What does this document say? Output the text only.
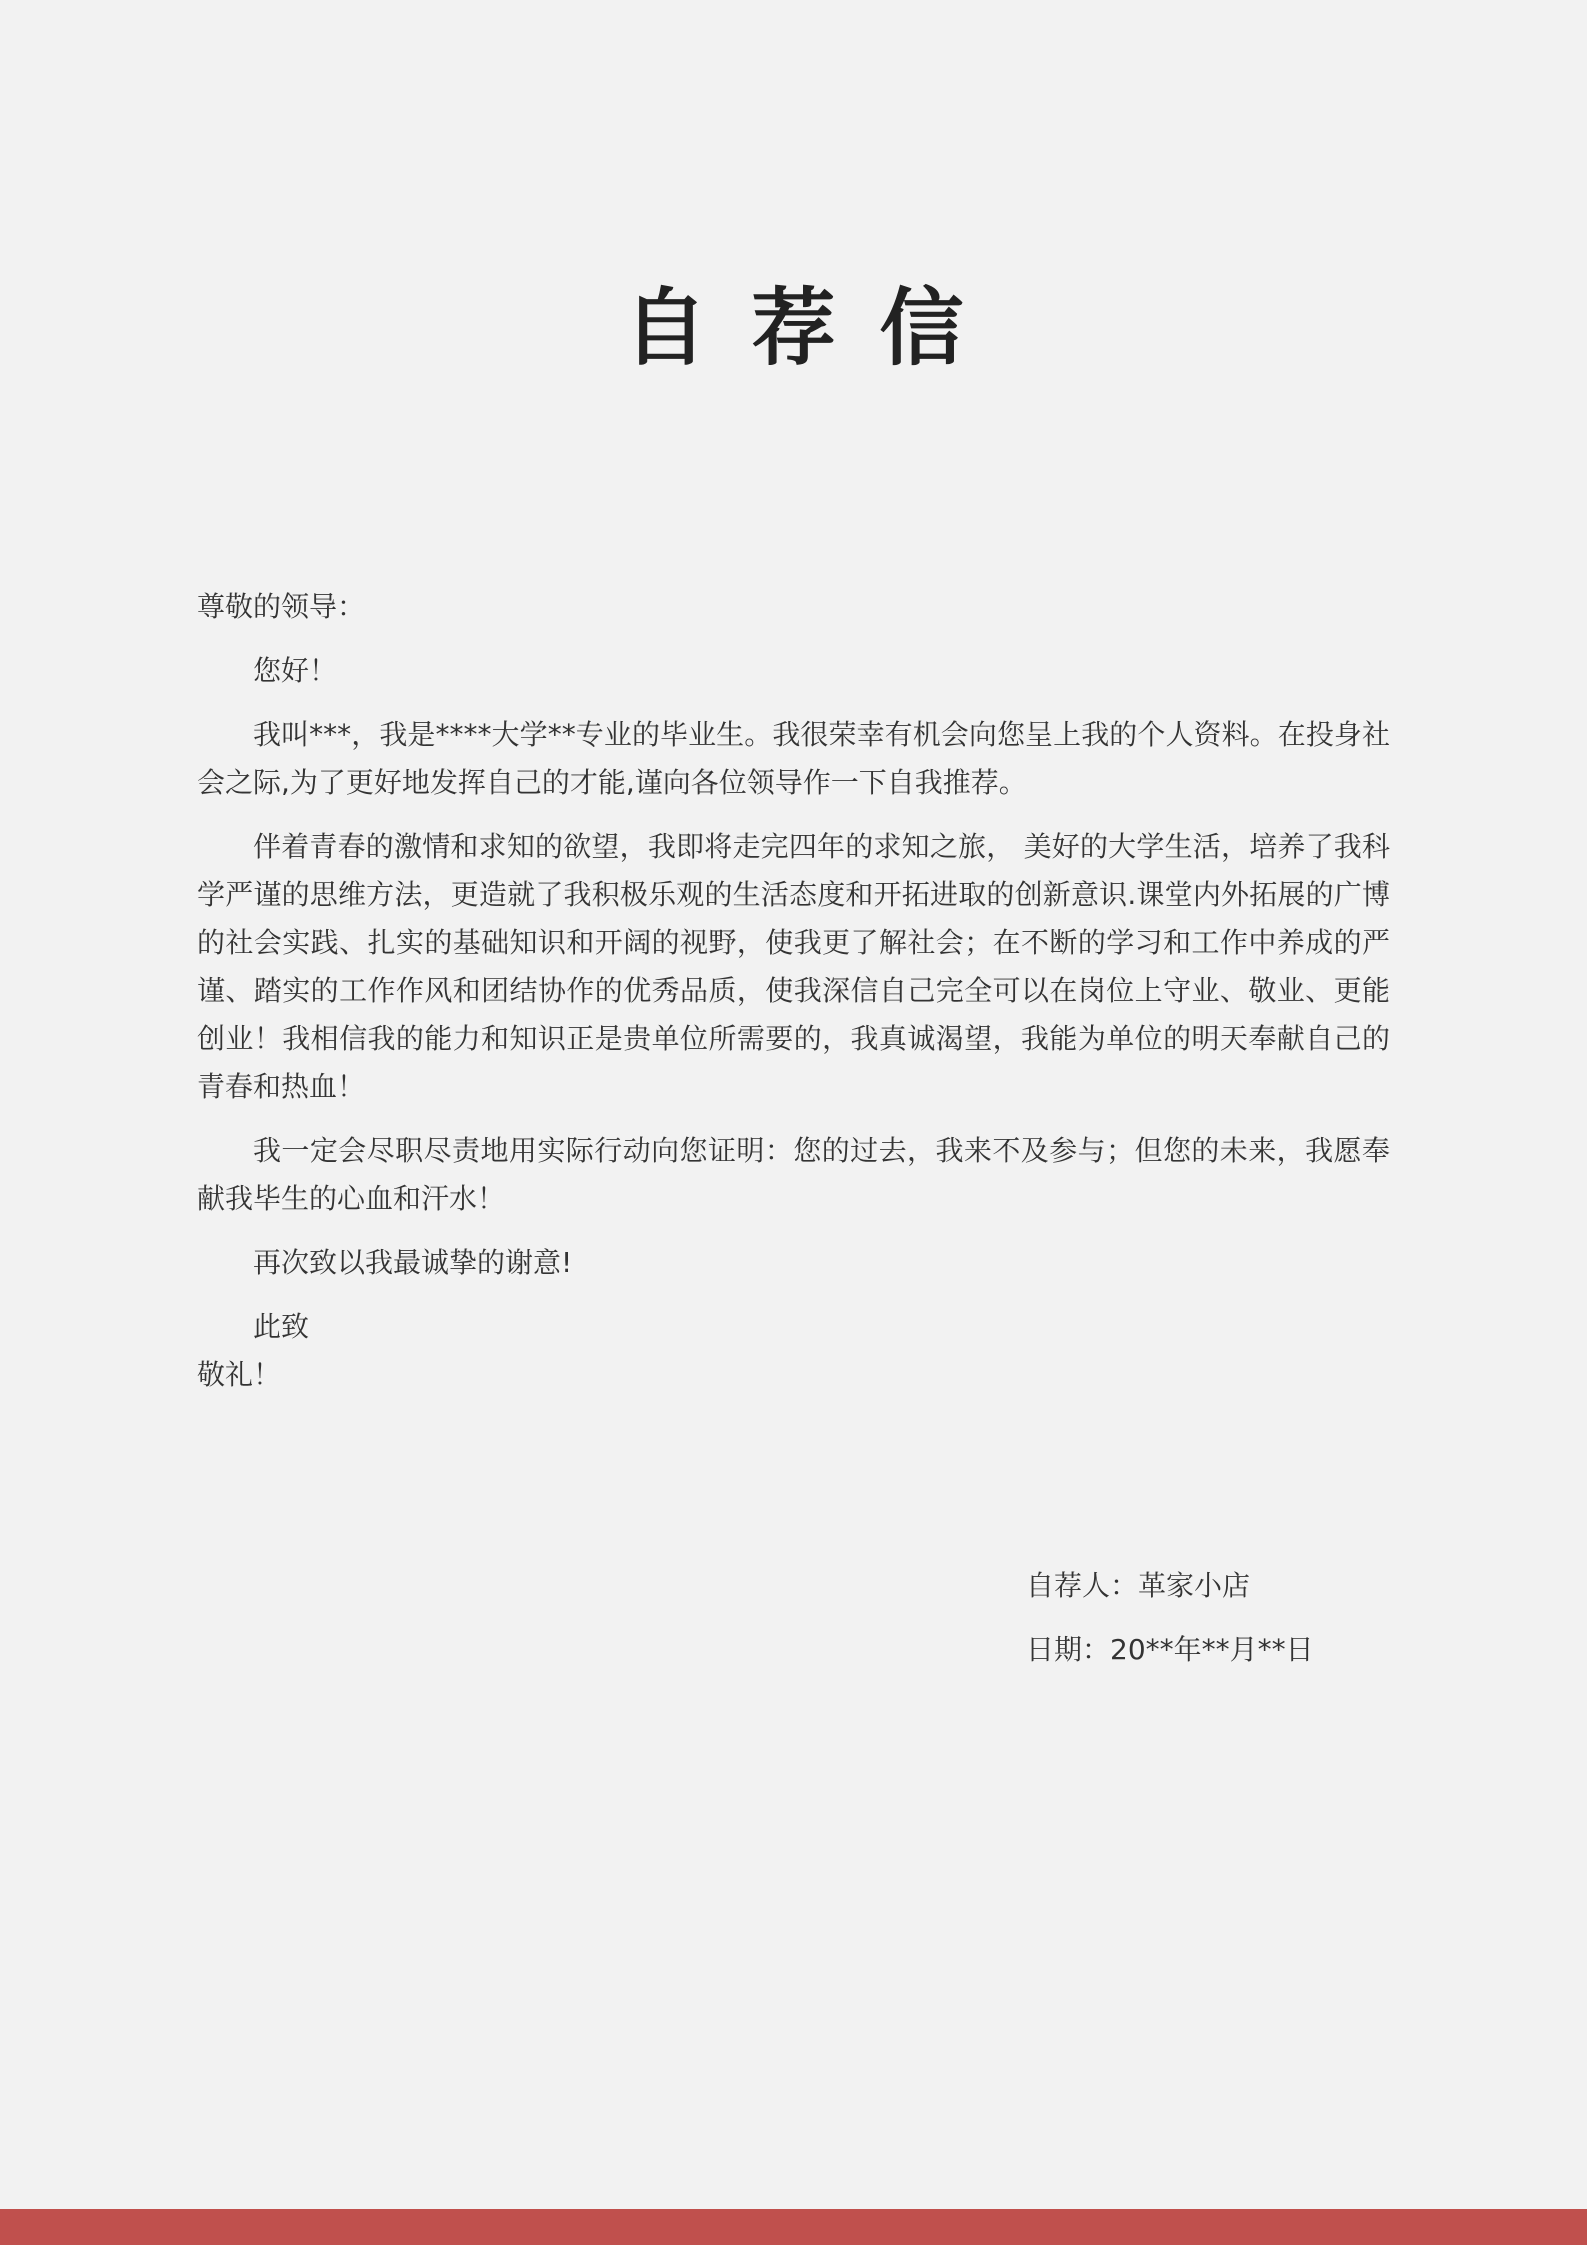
自荐信

尊敬的领导：

您好！

我叫***，我是****大学**专业的毕业生。我很荣幸有机会向您呈上我的个人资料。在投身社会之际,为了更好地发挥自己的才能,谨向各位领导作一下自我推荐。

伴着青春的激情和求知的欲望，我即将走完四年的求知之旅， 美好的大学生活，培养了我科学严谨的思维方法，更造就了我积极乐观的生活态度和开拓进取的创新意识.课堂内外拓展的广博的社会实践、扎实的基础知识和开阔的视野，使我更了解社会；在不断的学习和工作中养成的严谨、踏实的工作作风和团结协作的优秀品质，使我深信自己完全可以在岗位上守业、敬业、更能创业！我相信我的能力和知识正是贵单位所需要的，我真诚渴望，我能为单位的明天奉献自己的青春和热血！

我一定会尽职尽责地用实际行动向您证明：您的过去，我来不及参与；但您的未来，我愿奉献我毕生的心血和汗水！

再次致以我最诚挚的谢意!

此致

敬礼！

自荐人：革家小店
日期：20**年**月**日
